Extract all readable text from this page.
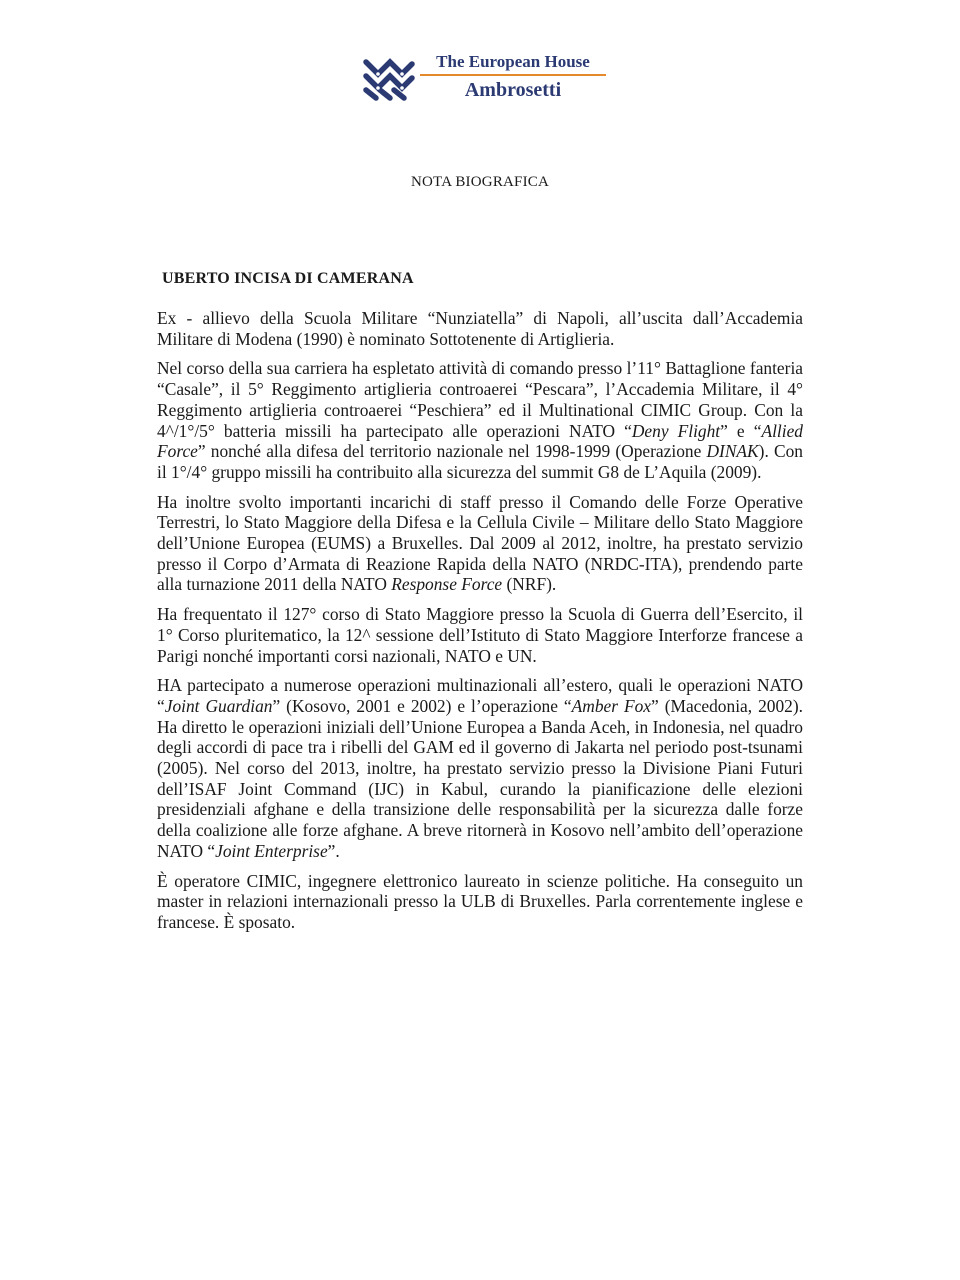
The European House
Ambrosetti
NOTA BIOGRAFICA
UBERTO INCISA DI CAMERANA

Ex - allievo della Scuola Militare “Nunziatella” di Napoli, all’uscita dall’Accademia Militare di Modena (1990) è nominato Sottotenente di Artiglieria.

Nel corso della sua carriera ha espletato attività di comando presso l’11° Battaglione fanteria “Casale”, il 5° Reggimento artiglieria controaerei “Pescara”, l’Accademia Militare, il 4° Reggimento artiglieria controaerei “Peschiera” ed il Multinational CIMIC Group. Con la 4^/1°/5° batteria missili ha partecipato alle operazioni NATO “Deny Flight” e “Allied Force” nonché alla difesa del territorio nazionale nel 1998-1999 (Operazione DINAK). Con il 1°/4° gruppo missili ha contribuito alla sicurezza del summit G8 de L’Aquila (2009).

Ha inoltre svolto importanti incarichi di staff presso il Comando delle Forze Operative Terrestri, lo Stato Maggiore della Difesa e la Cellula Civile – Militare dello Stato Maggiore dell’Unione Europea (EUMS) a Bruxelles. Dal 2009 al 2012, inoltre, ha prestato servizio presso il Corpo d’Armata di Reazione Rapida della NATO (NRDC-ITA), prendendo parte alla turnazione 2011 della NATO Response Force (NRF).

Ha frequentato il 127° corso di Stato Maggiore presso la Scuola di Guerra dell’Esercito, il 1° Corso pluritematico, la 12^ sessione dell’Istituto di Stato Maggiore Interforze francese a Parigi nonché importanti corsi nazionali, NATO e UN.

HA partecipato a numerose operazioni multinazionali all’estero, quali le operazioni NATO “Joint Guardian” (Kosovo, 2001 e 2002) e l’operazione “Amber Fox” (Macedonia, 2002). Ha diretto le operazioni iniziali dell’Unione Europea a Banda Aceh, in Indonesia, nel quadro degli accordi di pace tra i ribelli del GAM ed il governo di Jakarta nel periodo post-tsunami (2005). Nel corso del 2013, inoltre, ha prestato servizio presso la Divisione Piani Futuri dell’ISAF Joint Command (IJC) in Kabul, curando la pianificazione delle elezioni presidenziali afghane e della transizione delle responsabilità per la sicurezza dalle forze della coalizione alle forze afghane. A breve ritornerà in Kosovo nell’ambito dell’operazione NATO “Joint Enterprise”.

È operatore CIMIC, ingegnere elettronico laureato in scienze politiche. Ha conseguito un master in relazioni internazionali presso la ULB di Bruxelles. Parla correntemente inglese e francese. È sposato.
